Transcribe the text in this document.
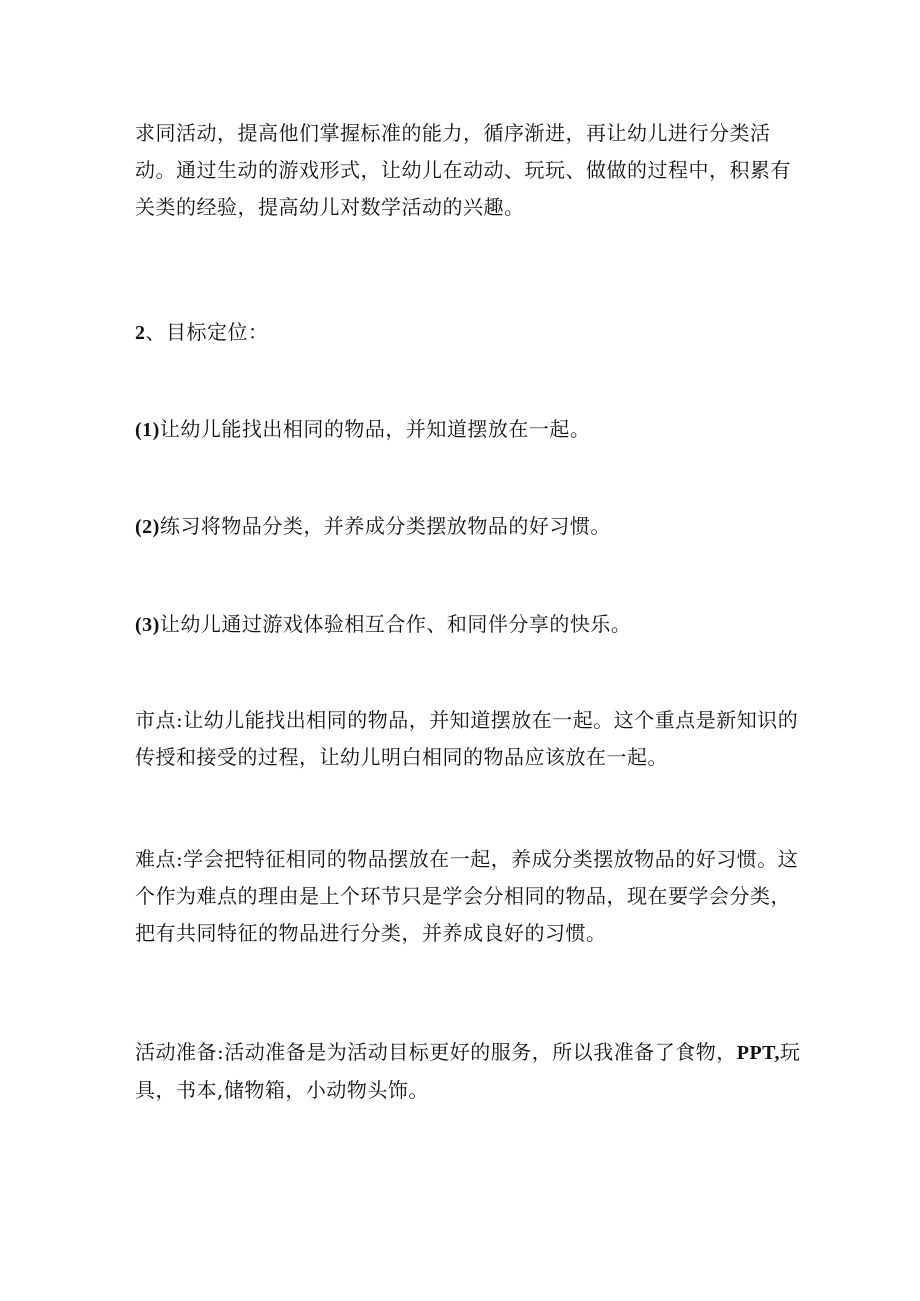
求同活动，提高他们掌握标准的能力，循序渐进，再让幼儿进行分类活
动。通过生动的游戏形式，让幼儿在动动、玩玩、做做的过程中，积累有
关类的经验，提高幼儿对数学活动的兴趣。

2、目标定位：

(1)让幼儿能找出相同的物品，并知道摆放在一起。

(2)练习将物品分类，并养成分类摆放物品的好习惯。

(3)让幼儿通过游戏体验相互合作、和同伴分享的快乐。

市点:让幼儿能找出相同的物品，并知道摆放在一起。这个重点是新知识的
传授和接受的过程，让幼儿明白相同的物品应该放在一起。

难点:学会把特征相同的物品摆放在一起，养成分类摆放物品的好习惯。这
个作为难点的理由是上个环节只是学会分相同的物品，现在要学会分类，
把有共同特征的物品进行分类，并养成良好的习惯。

活动准备:活动准备是为活动目标更好的服务，所以我准备了食物，PPT,玩
具，书本,储物箱，小动物头饰。
